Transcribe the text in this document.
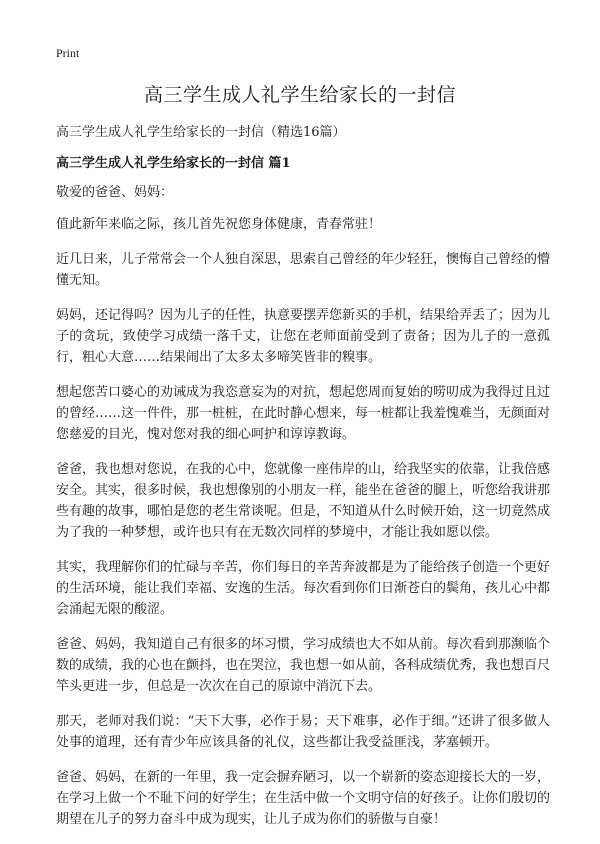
Print
高三学生成人礼学生给家长的一封信
高三学生成人礼学生给家长的一封信（精选16篇）
高三学生成人礼学生给家长的一封信 篇1

敬爱的爸爸、妈妈：

值此新年来临之际，孩儿首先祝您身体健康，青春常驻！

近几日来，儿子常常会一个人独自深思，思索自己曾经的年少轻狂，懊悔自己曾经的懵懂无知。

妈妈，还记得吗？因为儿子的任性，执意要摆弄您新买的手机，结果给弄丢了；因为儿子的贪玩，致使学习成绩一落千丈，让您在老师面前受到了责备；因为儿子的一意孤行，粗心大意……结果闹出了太多太多啼笑皆非的糗事。

想起您苦口婆心的劝诫成为我恣意妄为的对抗，想起您周而复始的唠叨成为我得过且过的曾经……这一件件，那一桩桩，在此时静心想来，每一桩都让我羞愧难当，无颜面对您慈爱的目光，愧对您对我的细心呵护和谆谆教诲。

爸爸，我也想对您说，在我的心中，您就像一座伟岸的山，给我坚实的依靠，让我倍感安全。其实，很多时候，我也想像别的小朋友一样，能坐在爸爸的腿上，听您给我讲那些有趣的故事，哪怕是您的老生常谈呢。但是，不知道从什么时候开始，这一切竟然成为了我的一种梦想，或许也只有在无数次同样的梦境中，才能让我如愿以偿。

其实，我理解你们的忙碌与辛苦，你们每日的辛苦奔波都是为了能给孩子创造一个更好的生活环境，能让我们幸福、安逸的生活。每次看到你们日渐苍白的鬓角，孩儿心中都会涌起无限的酸涩。

爸爸、妈妈，我知道自己有很多的坏习惯，学习成绩也大不如从前。每次看到那濒临个数的成绩，我的心也在颤抖，也在哭泣，我也想一如从前，各科成绩优秀，我也想百尺竿头更进一步，但总是一次次在自己的原谅中消沉下去。

那天，老师对我们说：“天下大事，必作于易；天下难事，必作于细。”还讲了很多做人处事的道理，还有青少年应该具备的礼仪，这些都让我受益匪浅，茅塞顿开。

爸爸、妈妈，在新的一年里，我一定会摒弃陋习，以一个崭新的姿态迎接长大的一岁，在学习上做一个不耻下问的好学生；在生活中做一个文明守信的好孩子。让你们殷切的期望在儿子的努力奋斗中成为现实，让儿子成为你们的骄傲与自豪！
